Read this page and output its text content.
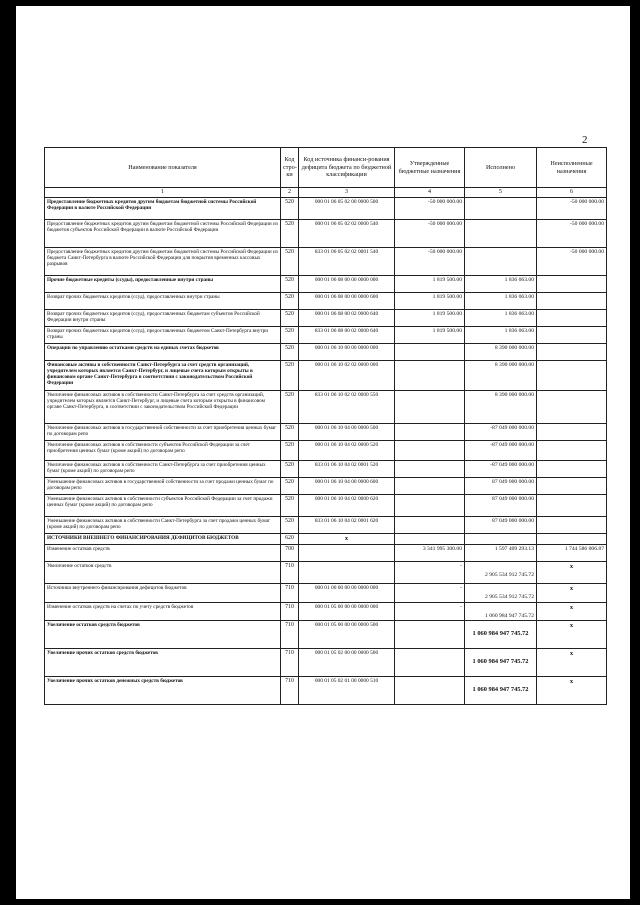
2
Наименование показателя	Код стро-ки	Код источника финанси-рования дефицита бюджета по бюджетной классификации	Утвержденные бюджетные назначения	Исполнено	Неисполненные назначения
1	2	3	4	5	6
Предоставление бюджетных кредитов другим бюджетам бюджетной системы Российской Федерации в валюте Российской Федерации	520	000 01 06 05 02 00 0000 500	-50 000 000.00		-50 000 000.00
Предоставление бюджетных кредитов другим бюджетам бюджетной системы Российской Федерации из бюджетов субъектов Российской Федерации в валюте Российской Федерации	520	000 01 06 05 02 02 0000 540	-50 000 000.00		-50 000 000.00
Предоставление бюджетных кредитов другим бюджетам бюджетной системы Российской Федерации из бюджета Санкт-Петербурга в валюте Российской Федерации для покрытия временных кассовых разрывов	520	833 01 06 05 02 02 0001 540	-50 000 000.00		-50 000 000.00
Прочие бюджетные кредиты (ссуды), предоставленные внутри страны	520	000 01 06 08 00 00 0000 000	1 819 500.00	1 836 063.00	
Возврат прочих бюджетных кредитов (ссуд), предоставленных внутри страны	520	000 01 06 08 00 00 0000 600	1 819 500.00	1 836 063.00	
Возврат прочих бюджетных кредитов (ссуд), предоставленных бюджетам субъектов Российской Федерации внутри страны	520	000 01 06 08 00 02 0000 640	1 819 500.00	1 836 063.00	
Возврат прочих бюджетных кредитов (ссуд), предоставленных бюджетом Санкт-Петербурга внутри страны	520	833 01 06 08 00 02 0000 640	1 819 500.00	1 836 063.00	
Операции по управлению остатками средств на единых счетах бюджетов	520	000 01 06 10 00 00 0000 000		8 390 000 000.00	
Финансовые активы в собственности Санкт-Петербурга за счет средств организаций, учредителем которых является Санкт-Петербург, и лицевые счета которым открыты в финансовом органе Санкт-Петербурга в соответствии с законодательством Российской Федерации	520	000 01 06 10 02 02 0000 000		8 390 000 000.00	
Увеличение финансовых активов в собственности Санкт-Петербурга за счет средств организаций, учредителем которых является Санкт-Петербург, и лицевые счета которым открыты в финансовом органе Санкт-Петербурга, в соответствии с законодательством Российской Федерации	520	833 01 06 10 02 02 0000 550		8 390 000 000.00	
Увеличение финансовых активов в государственной собственности за счет приобретения ценных бумаг по договорам репо	520	000 01 06 10 04 00 0000 500		-87 049 000 000.00	
Увеличение финансовых активов в собственности субъектов Российской Федерации за счет приобретения ценных бумаг (кроме акций) по договорам репо	520	000 01 06 10 04 02 0000 520		-87 049 000 000.00	
Увеличение финансовых активов в собственности Санкт-Петербурга за счет приобретения ценных бумаг (кроме акций) по договорам репо	520	833 01 06 10 04 02 0001 520		-87 049 000 000.00	
Уменьшение финансовых активов в государственной собственности за счет продажи ценных бумаг по договорам репо	520	000 01 06 10 04 00 0000 600		87 049 000 000.00	
Уменьшение финансовых активов в собственности субъектов Российской Федерации за счет продажи ценных бумаг (кроме акций) по договорам репо	520	000 01 06 10 04 02 0000 620		87 049 000 000.00	
Уменьшение финансовых активов в собственности Санкт-Петербурга за счет продажи ценных бумаг (кроме акций) по договорам репо	520	833 01 06 10 04 02 0001 620		87 049 000 000.00	
ИСТОЧНИКИ ВНЕШНЕГО ФИНАНСИРОВАНИЯ ДЕФИЦИТОВ БЮДЖЕТОВ	620	x			
Изменение остатков средств	700		3 341 995 300.00	1 597 409 293.13	1 744 586 006.87
Увеличение остатков средств	710		-	2 905 534 912 745.72	x
Источники внутреннего финансирования дефицитов бюджетов	710	000 01 00 00 00 00 0000 000	-	2 905 534 912 745.72	x
Изменение остатков средств на счетах по учету средств бюджетов	710	000 01 05 00 00 00 0000 000	-	1 060 984 947 745.72	x
Увеличение остатков средств бюджетов	710	000 01 05 00 00 00 0000 500		1 060 984 947 745.72	x
Увеличение прочих остатков средств бюджетов	710	000 01 05 02 00 00 0000 500		1 060 984 947 745.72	x
Увеличение прочих остатков денежных средств бюджетов	710	000 01 05 02 01 00 0000 510		1 060 984 947 745.72	x
